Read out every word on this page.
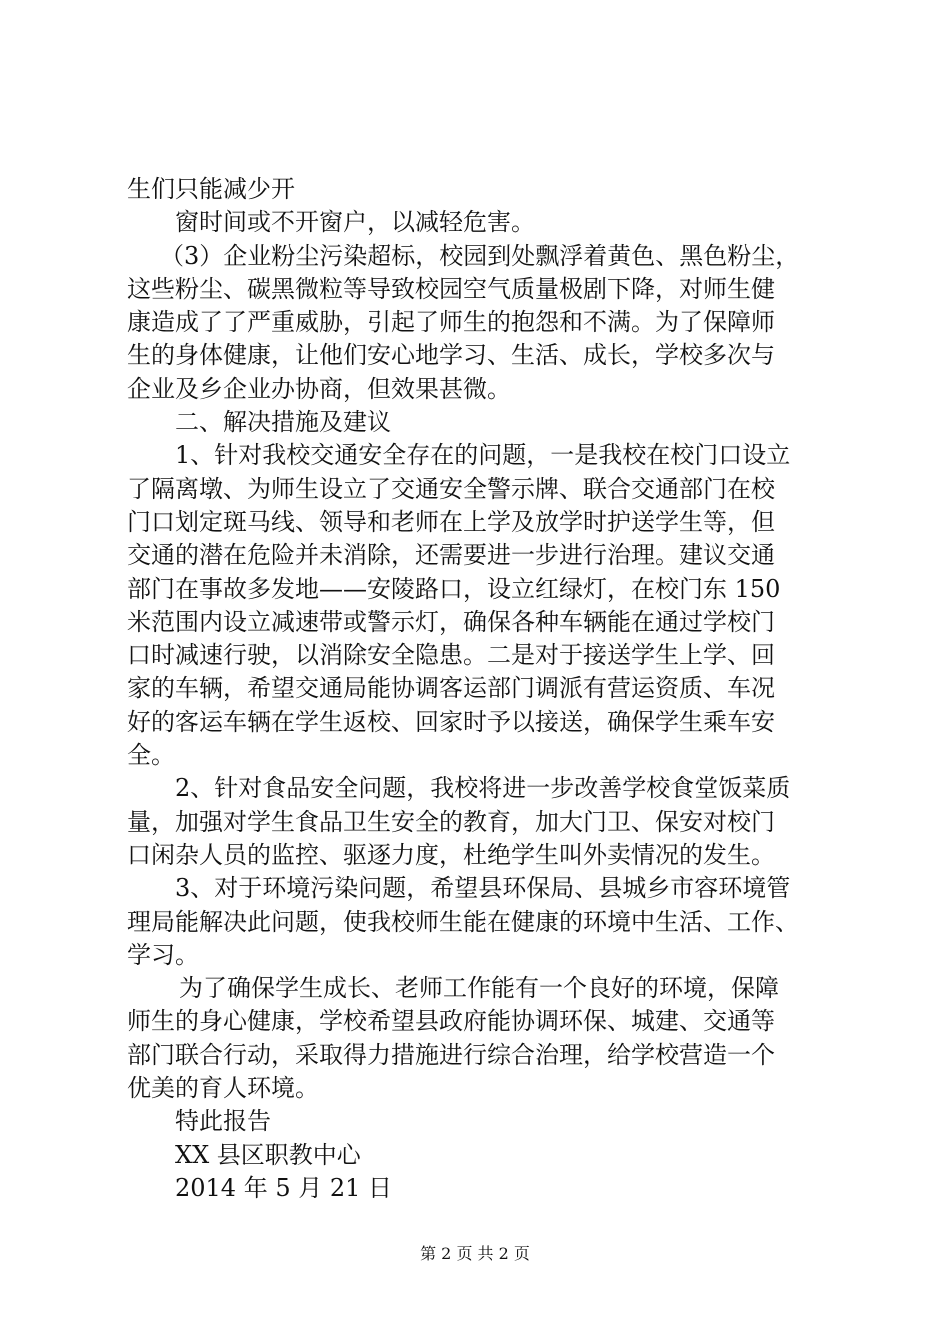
生们只能减少开
窗时间或不开窗户，以减轻危害。
（3）企业粉尘污染超标，校园到处飘浮着黄色、黑色粉尘，
这些粉尘、碳黑微粒等导致校园空气质量极剧下降，对师生健
康造成了了严重威胁，引起了师生的抱怨和不满。为了保障师
生的身体健康，让他们安心地学习、生活、成长，学校多次与
企业及乡企业办协商，但效果甚微。
二、解决措施及建议
1、针对我校交通安全存在的问题，一是我校在校门口设立
了隔离墩、为师生设立了交通安全警示牌、联合交通部门在校
门口划定斑马线、领导和老师在上学及放学时护送学生等，但
交通的潜在危险并未消除，还需要进一步进行治理。建议交通
部门在事故多发地——安陵路口，设立红绿灯，在校门东 150
米范围内设立减速带或警示灯，确保各种车辆能在通过学校门
口时减速行驶，以消除安全隐患。二是对于接送学生上学、回
家的车辆，希望交通局能协调客运部门调派有营运资质、车况
好的客运车辆在学生返校、回家时予以接送，确保学生乘车安
全。
2、针对食品安全问题，我校将进一步改善学校食堂饭菜质
量，加强对学生食品卫生安全的教育，加大门卫、保安对校门
口闲杂人员的监控、驱逐力度，杜绝学生叫外卖情况的发生。
3、对于环境污染问题，希望县环保局、县城乡市容环境管
理局能解决此问题，使我校师生能在健康的环境中生活、工作、
学习。
为了确保学生成长、老师工作能有一个良好的环境，保障
师生的身心健康，学校希望县政府能协调环保、城建、交通等
部门联合行动，采取得力措施进行综合治理，给学校营造一个
优美的育人环境。
特此报告
XX 县区职教中心
2014 年 5 月 21 日
第 2 页 共 2 页
